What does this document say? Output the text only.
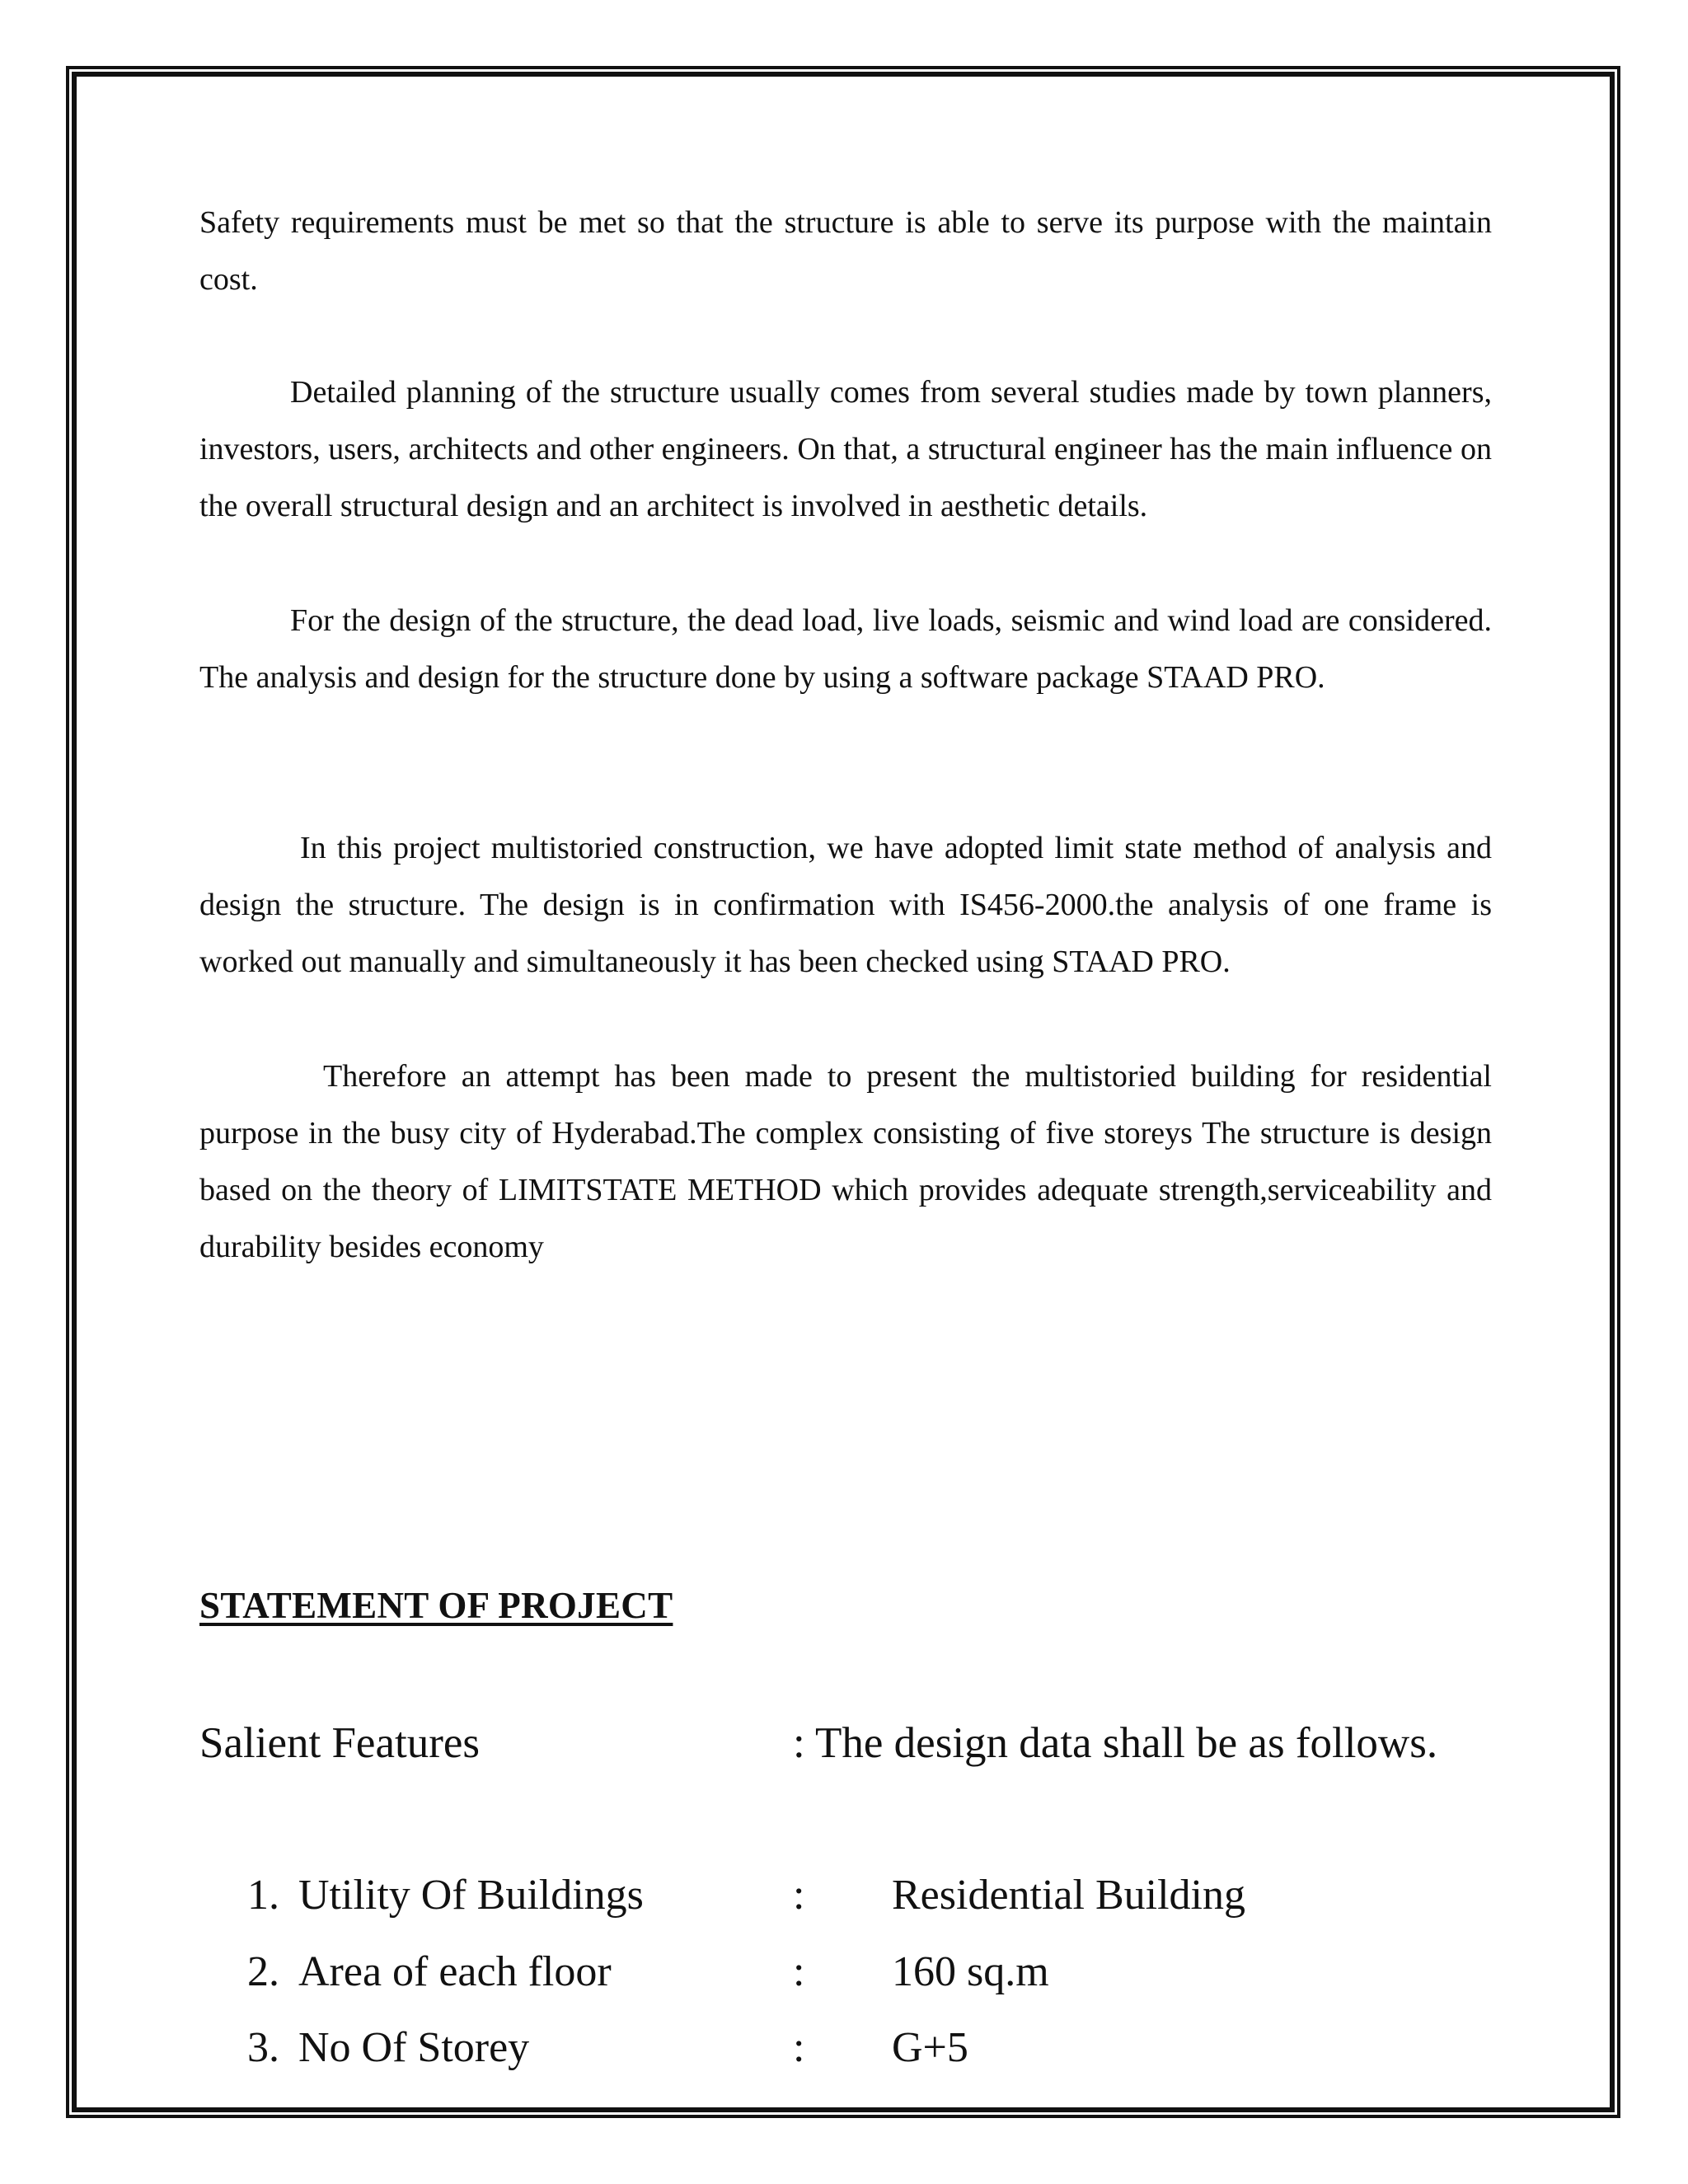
Safety requirements must be met so that the structure is able to serve its purpose with the maintain cost.

Detailed planning of the structure usually comes from several studies made by town planners, investors, users, architects and other engineers. On that, a structural engineer has the main influence on the overall structural design and an architect is involved in aesthetic details.

For the design of the structure, the dead load, live loads, seismic and wind load are considered. The analysis and design for the structure done by using a software package STAAD PRO.

In this project multistoried construction, we have adopted limit state method of analysis and design the structure. The design is in confirmation with IS456-2000.the analysis of one frame is worked out manually and simultaneously it has been checked using STAAD PRO.

Therefore an attempt has been made to present the multistoried building for residential purpose in the busy city of Hyderabad.The complex consisting of five storeys The structure is design based on the theory of LIMITSTATE METHOD which provides adequate strength,serviceability and durability besides economy

STATEMENT OF PROJECT
Salient Features	: The design data shall be as follows.
1. Utility Of Buildings	: Residential Building
2. Area of each floor	: 160 sq.m
3. No Of Storey	: G+5
